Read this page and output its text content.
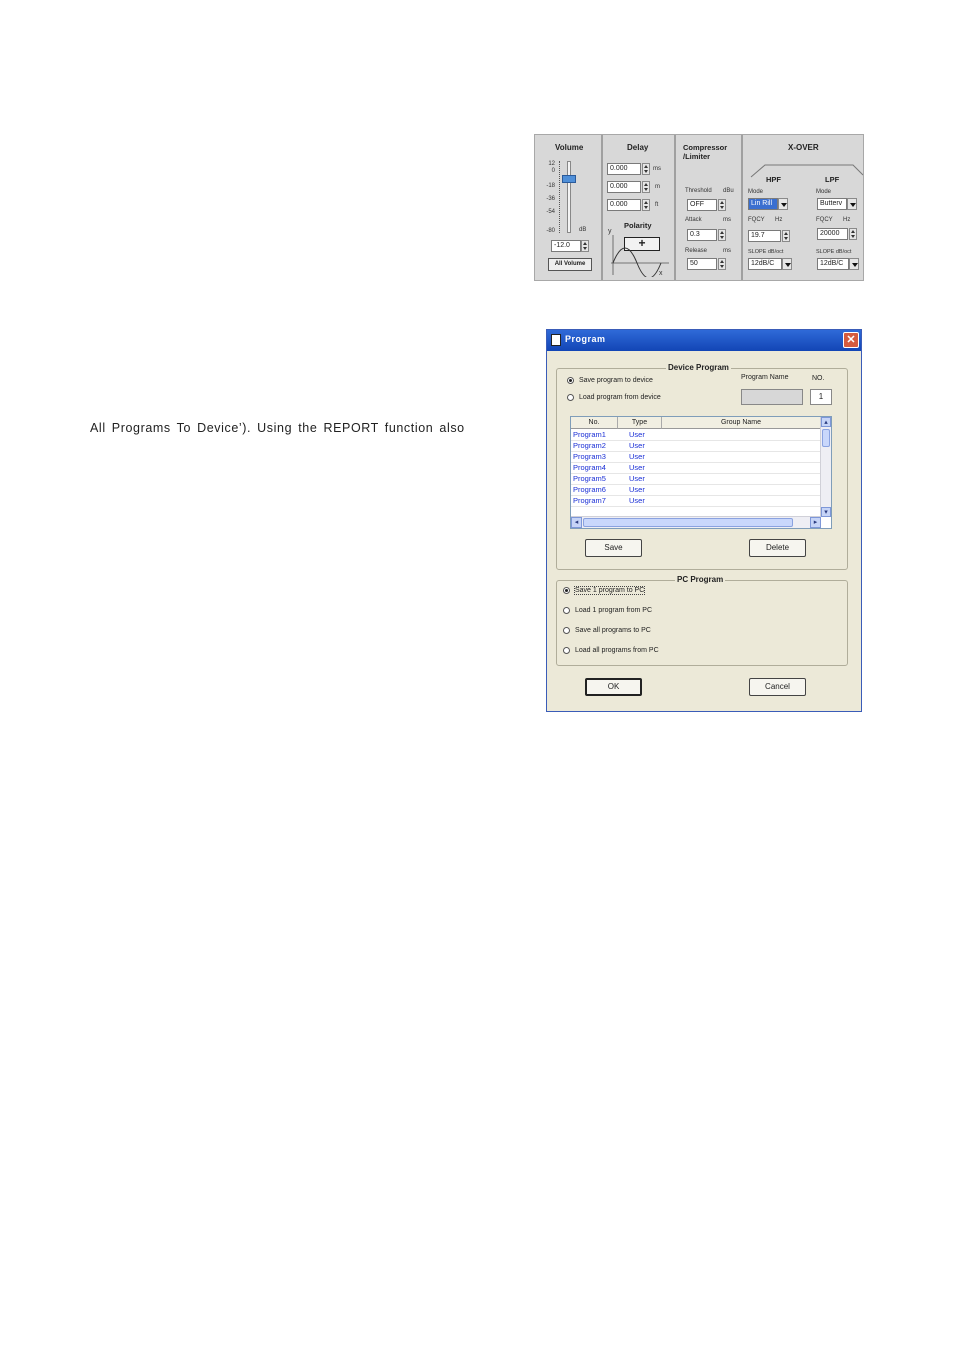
All Programs To Device’). Using the REPORT function also
Volume
12
0
-18
-36
-54
-80	dB
-12.0
All Volume
Delay
0.000	ms
0.000	m
0.000	ft
Polarity
+
y
x
Compressor
/Limiter
Threshold dBu
OFF
Attack	ms
0.3
Release	ms
50
X-OVER
HPF	LPF
Mode
Lin Rill
FQCY Hz
19.7
SLOPE dB/oct
12dB/C
Mode
Butterv
FQCY Hz
20000
SLOPE dB/oct
12dB/C
Program	✕
Device Program
Save program to device
Load program from device
Program Name	NO.
1
No.	Type	Group Name
Program1	User
Program2	User
Program3	User
Program4	User
Program5	User
Program6	User
Program7	User
▴
▾
◂	▸
Save	Delete
PC Program
Save 1 program to PC
Load 1 program from PC
Save all programs to PC
Load all programs from PC
OK	Cancel
